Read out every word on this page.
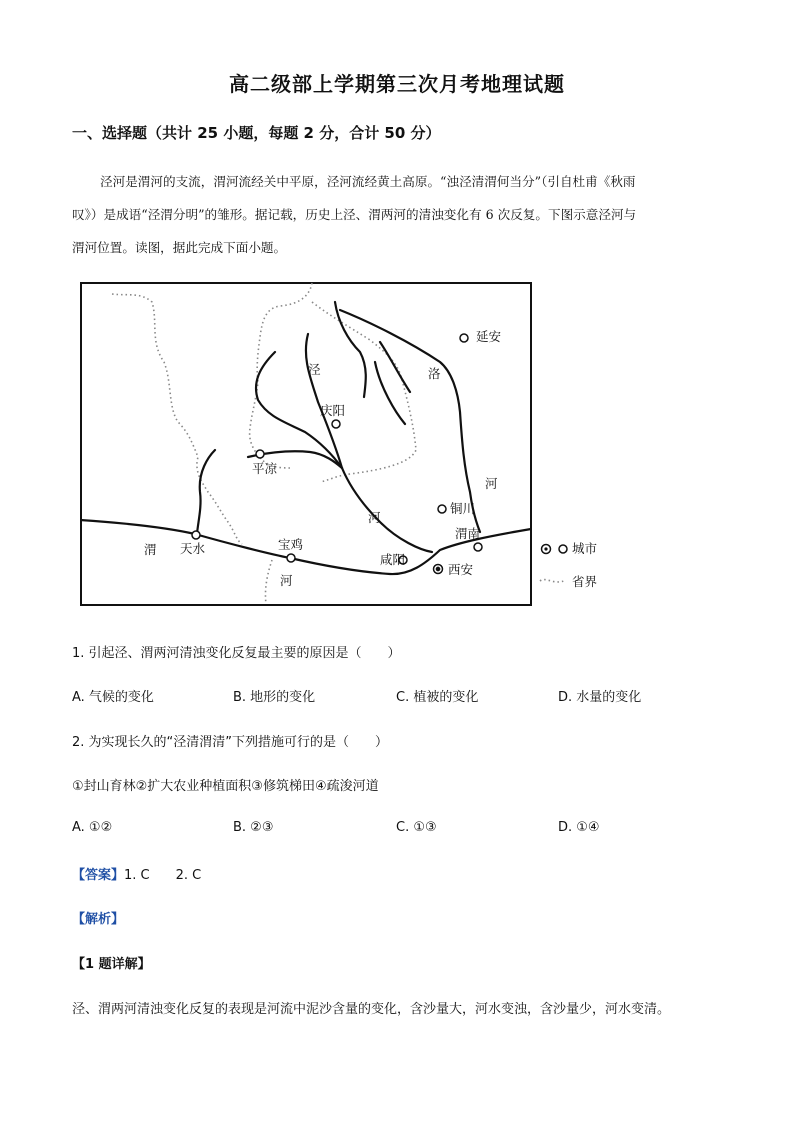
高二级部上学期第三次月考地理试题
一、选择题（共计 25 小题，每题 2 分，合计 50 分）
泾河是渭河的支流，渭河流经关中平原，泾河流经黄土高原。“浊泾清渭何当分”（引自杜甫《秋雨
叹》）是成语“泾渭分明”的雏形。据记载，历史上泾、渭两河的清浊变化有 6 次反复。下图示意泾河与
渭河位置。读图，据此完成下面小题。
延安
庆阳
平凉
铜川
渭南
天水	宝鸡
咸阳
西安
泾	洛
河
河
渭
河
城市
省界
1. 引起泾、渭两河清浊变化反复最主要的原因是（　　）
A. 气候的变化	B. 地形的变化	C. 植被的变化	D. 水量的变化
2. 为实现长久的“泾清渭清”下列措施可行的是（　　）
①封山育林②扩大农业种植面积③修筑梯田④疏浚河道
A. ①②	B. ②③	C. ①③	D. ①④
【答案】1. C　　2. C
【解析】
【1 题详解】
泾、渭两河清浊变化反复的表现是河流中泥沙含量的变化，含沙量大，河水变浊，含沙量少，河水变清。
